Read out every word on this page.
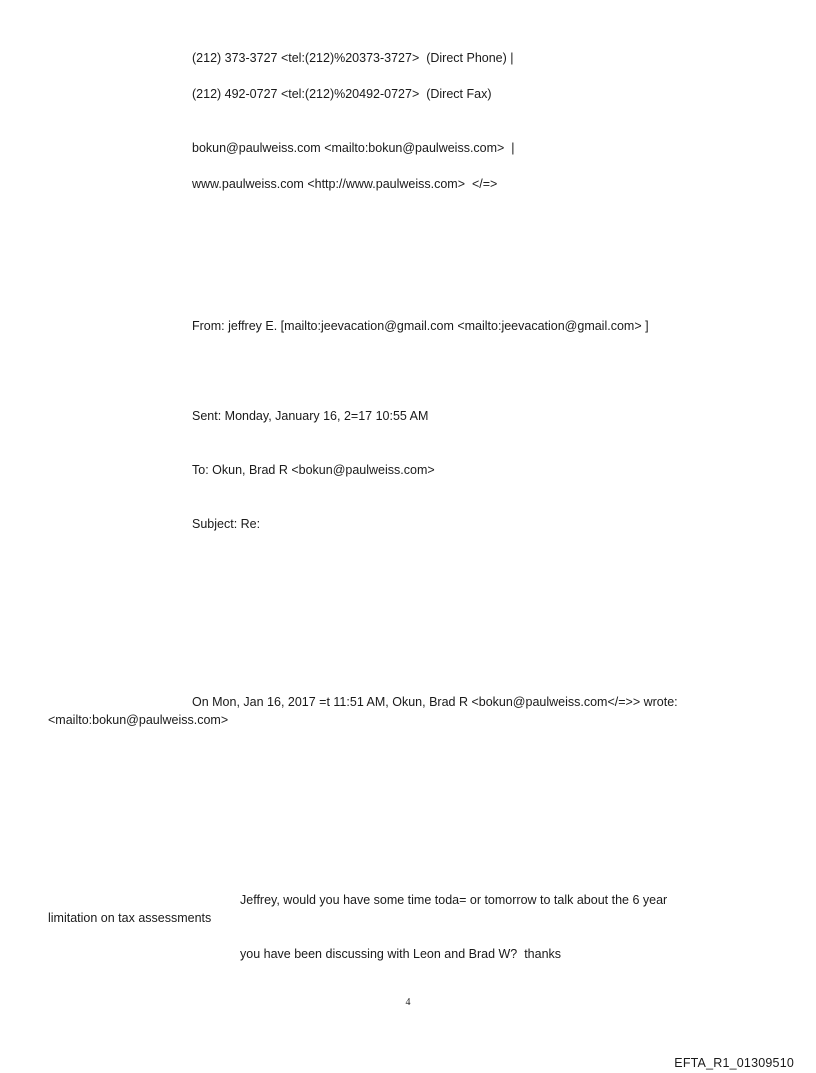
(212) 373-3727 <tel:(212)%20373-3727>  (Direct Phone) |

(212) 492-0727 <tel:(212)%20492-0727>  (Direct Fax)

bokun@paulweiss.com <mailto:bokun@paulweiss.com>  |

www.paulweiss.com <http://www.paulweiss.com>  </=>

From: jeffrey E. [mailto:jeevacation@gmail.com <mailto:jeevacation@gmail.com> ]

Sent: Monday, January 16, 2=17 10:55 AM

To: Okun, Brad R <bokun@paulweiss.com>

Subject: Re:

On Mon, Jan 16, 2017 =t 11:51 AM, Okun, Brad R <bokun@paulweiss.com</=>> wrote:

<mailto:bokun@paulweiss.com>

Jeffrey, would you have some time toda= or tomorrow to talk about the 6 year

limitation on tax assessments

you have been discussing with Leon and Brad W?  thanks

4
EFTA_R1_01309510
